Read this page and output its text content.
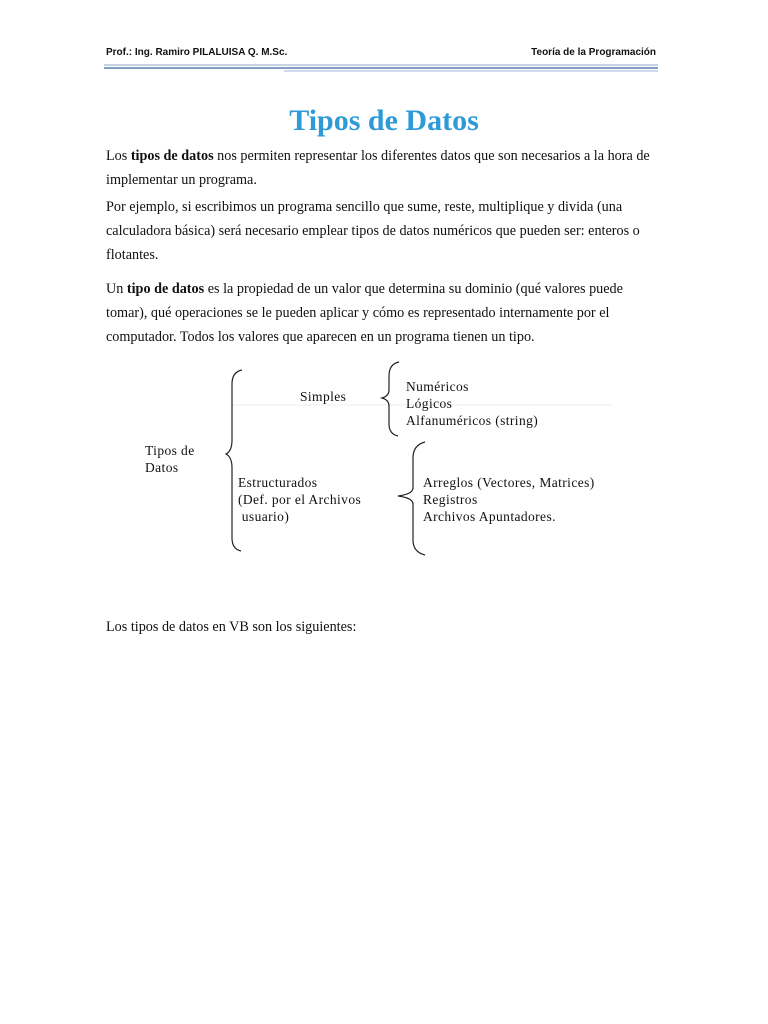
Prof.: Ing. Ramiro PILALUISA Q. M.Sc.	Teoría de la Programación
Tipos de Datos

Los tipos de datos nos permiten representar los diferentes datos que son necesarios a la hora de implementar un programa.

Por ejemplo, si escribimos un programa sencillo que sume, reste, multiplique y divida (una calculadora básica) será necesario emplear tipos de datos numéricos que pueden ser: enteros o flotantes.

Un tipo de datos es la propiedad de un valor que determina su dominio (qué valores puede tomar), qué operaciones se le pueden aplicar y cómo es representado internamente por el computador. Todos los valores que aparecen en un programa tienen un tipo.

Tipos de
Datos
Simples
Numéricos
Lógicos
Alfanuméricos (string)
Estructurados
(Def. por el Archivos
usuario)
Arreglos (Vectores, Matrices)
Registros
Archivos Apuntadores.

Los tipos de datos en VB son los siguientes:
